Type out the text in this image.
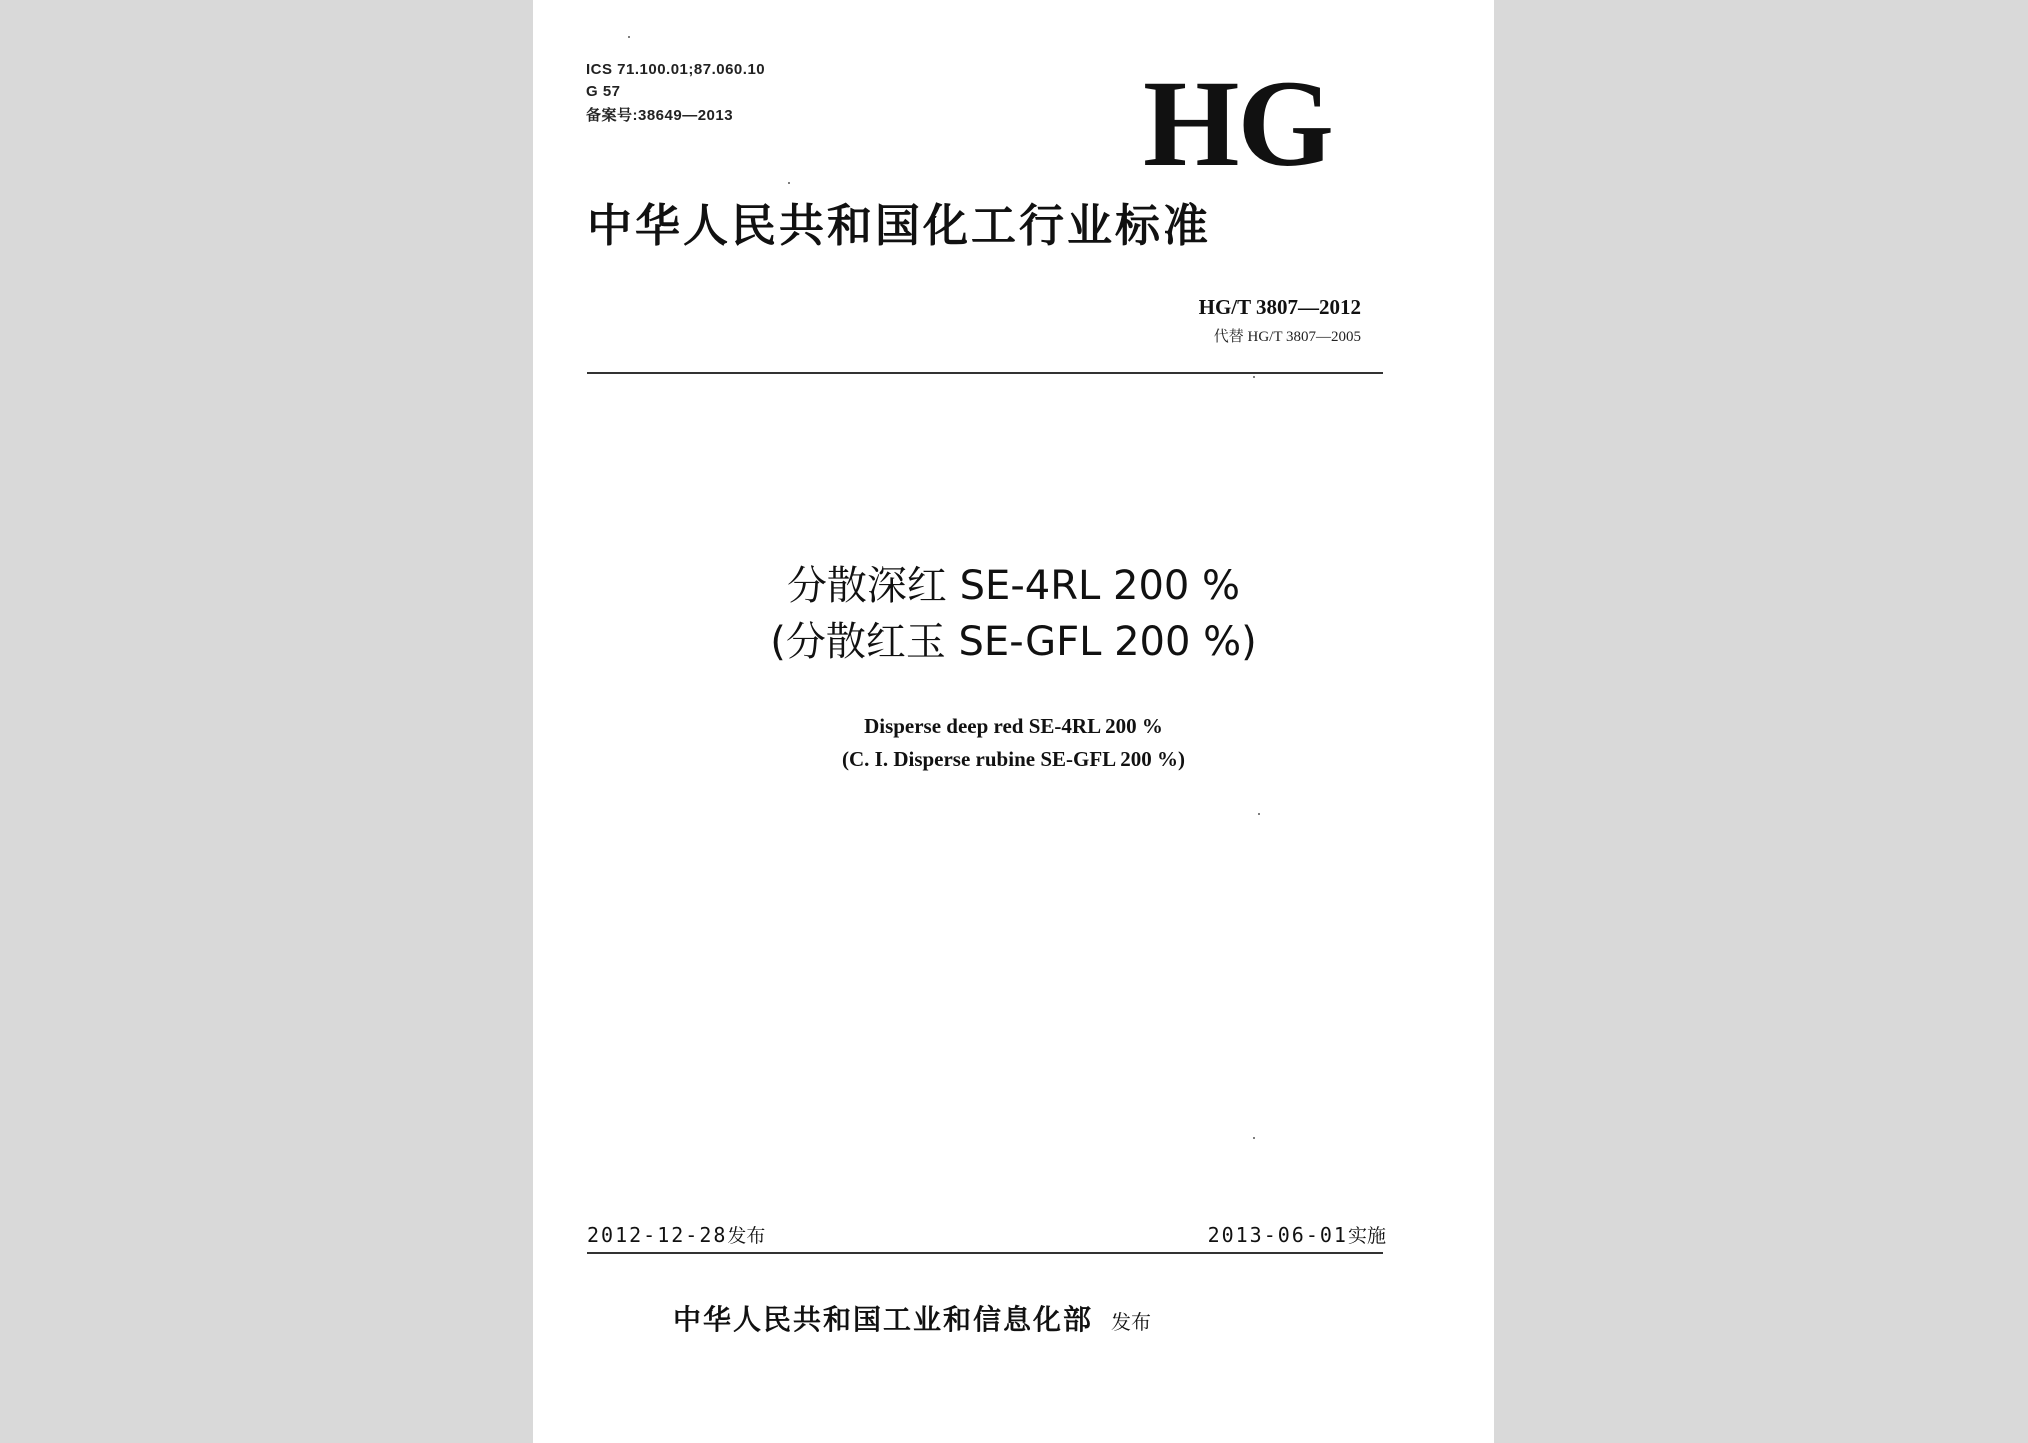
ICS 71.100.01;87.060.10
G 57
备案号:38649—2013	HG
中华人民共和国化工行业标准
HG/T 3807—2012
代替 HG/T 3807—2005
分散深红 SE-4RL 200 %
(分散红玉 SE-GFL 200 %)
Disperse deep red SE-4RL 200 %
(C. I. Disperse rubine SE-GFL 200 %)
2012-12-28发布	2013-06-01实施
中华人民共和国工业和信息化部 发布
